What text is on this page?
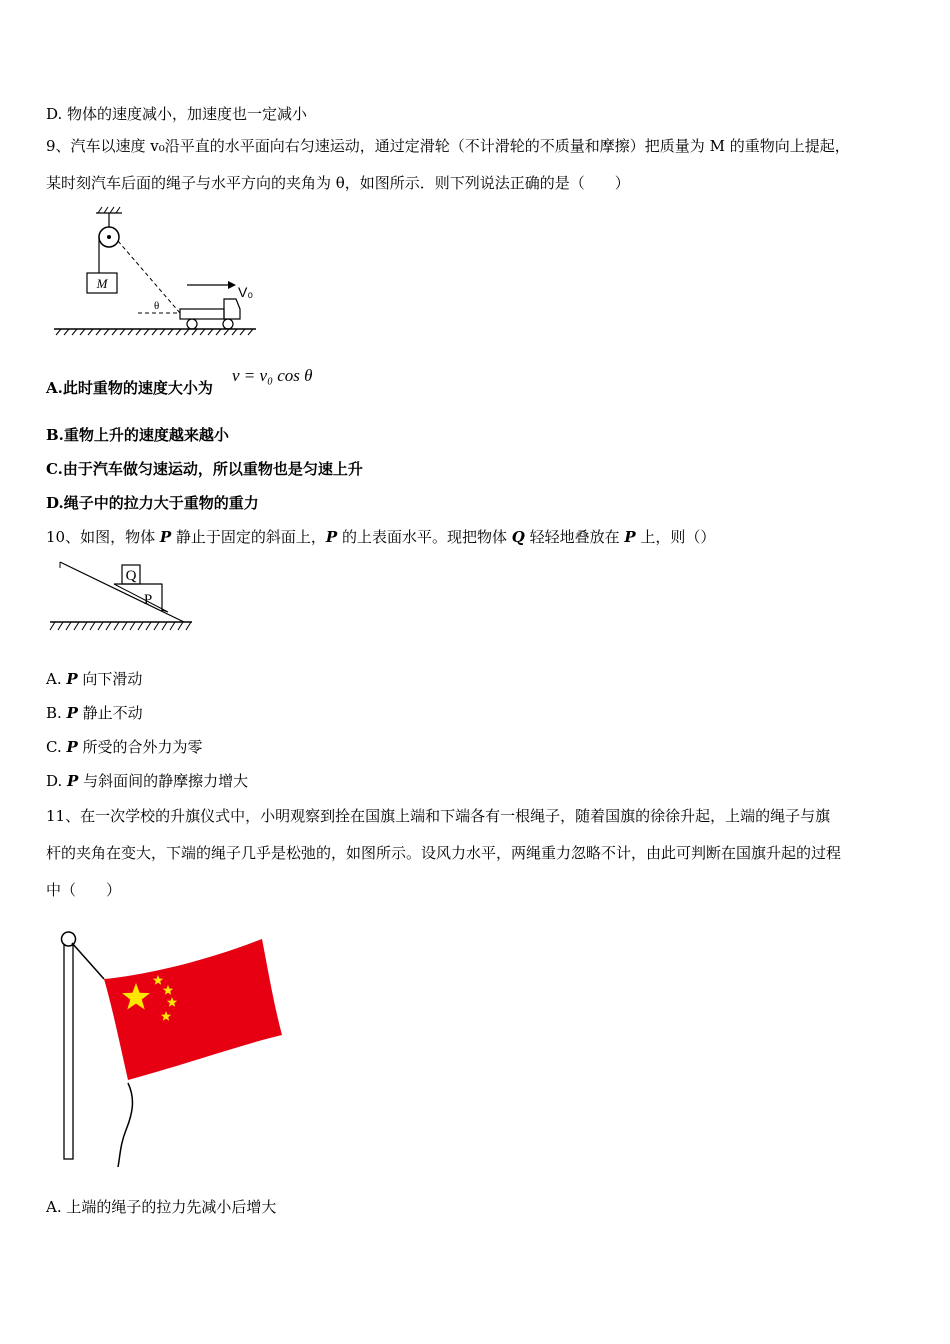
D. 物体的速度减小，加速度也一定减小
9、汽车以速度 v₀沿平直的水平面向右匀速运动，通过定滑轮（不计滑轮的不质量和摩擦）把质量为 M 的重物向上提起，
某时刻汽车后面的绳子与水平方向的夹角为 θ，如图所示．则下列说法正确的是（　　）
M
θ
V₀
A.此时重物的速度大小为
v = v₀ cos θ
B.重物上升的速度越来越小
C.由于汽车做匀速运动，所以重物也是匀速上升
D.绳子中的拉力大于重物的重力
10、如图，物体 P 静止于固定的斜面上，P 的上表面水平。现把物体 Q 轻轻地叠放在 P 上，则（）
P
Q
A. P 向下滑动
B. P 静止不动
C. P 所受的合外力为零
D. P 与斜面间的静摩擦力增大
11、在一次学校的升旗仪式中，小明观察到拴在国旗上端和下端各有一根绳子，随着国旗的徐徐升起，上端的绳子与旗
杆的夹角在变大，下端的绳子几乎是松弛的，如图所示。设风力水平，两绳重力忽略不计，由此可判断在国旗升起的过程
中（　　）
A. 上端的绳子的拉力先减小后增大
